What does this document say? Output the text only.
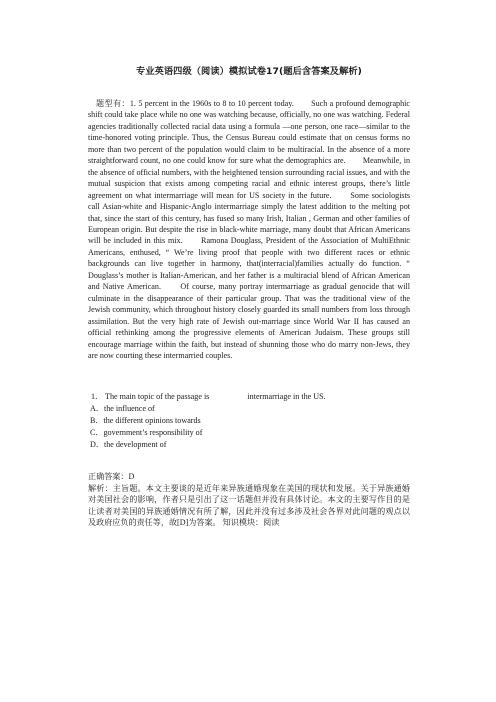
专业英语四级（阅读）模拟试卷17(题后含答案及解析)

题型有：1. 5 percent in the 1960s to 8 to 10 percent today.　　Such a profound demographic shift could take place while no one was watching because, officially, no one was watching. Federal agencies traditionally collected racial data using a formula —one person, one race—similar to the time-honored voting principle. Thus, the Census Bureau could estimate that on census forms no more than two percent of the population would claim to be multiracial. In the absence of a more straightforward count, no one could know for sure what the demographics are.　　Meanwhile, in the absence of official numbers, with the heightened tension surrounding racial issues, and with the mutual suspicion that exists among competing racial and ethnic interest groups, there’s little agreement on what intermarriage will mean for US society in the future.　　Some sociologists call Asian-white and Hispanic-Anglo intermarriage simply the latest addition to the melting pot that, since the start of this century, has fused so many Irish, Italian , German and other families of European origin. But despite the rise in black-white marriage, many doubt that African Americans will be included in this mix.　　Ramona Douglass, President of the Association of MultiEthnic Americans, enthused, “ We’re living proof that people with two different races or ethnic backgrounds can live together in harmony, that(interracial)families actually do function. “ Douglass’s mother is Italian-American, and her father is a multiracial blend of African American and Native American.　　Of course, many portray intermarriage as gradual genocide that will culminate in the disappearance of their particular group. That was the traditional view of the Jewish community, which throughout history closely guarded its small numbers from loss through assimilation. But the very high rate of Jewish out-marriage since World War II has caused an official rethinking among the progressive elements of American Judaism. These groups still encourage marriage within the faith, but instead of shunning those who do marry non-Jews, they are now courting these intermarried couples.

1． The main topic of the passage is	intermarriage in the US.
A．the influence of
B．the different opinions towards
C．government’s responsibility of
D．the development of
正确答案：D
解析：主旨题。本文主要谈的是近年来异族通婚现象在美国的现状和发展。关于异族通婚对美国社会的影响，作者只是引出了这一话题但并没有具体讨论。本文的主要写作目的是让读者对美国的异族通婚情况有所了解，因此并没有过多涉及社会各界对此问题的观点以及政府应负的责任等，故[D]为答案。 知识模块：阅读
